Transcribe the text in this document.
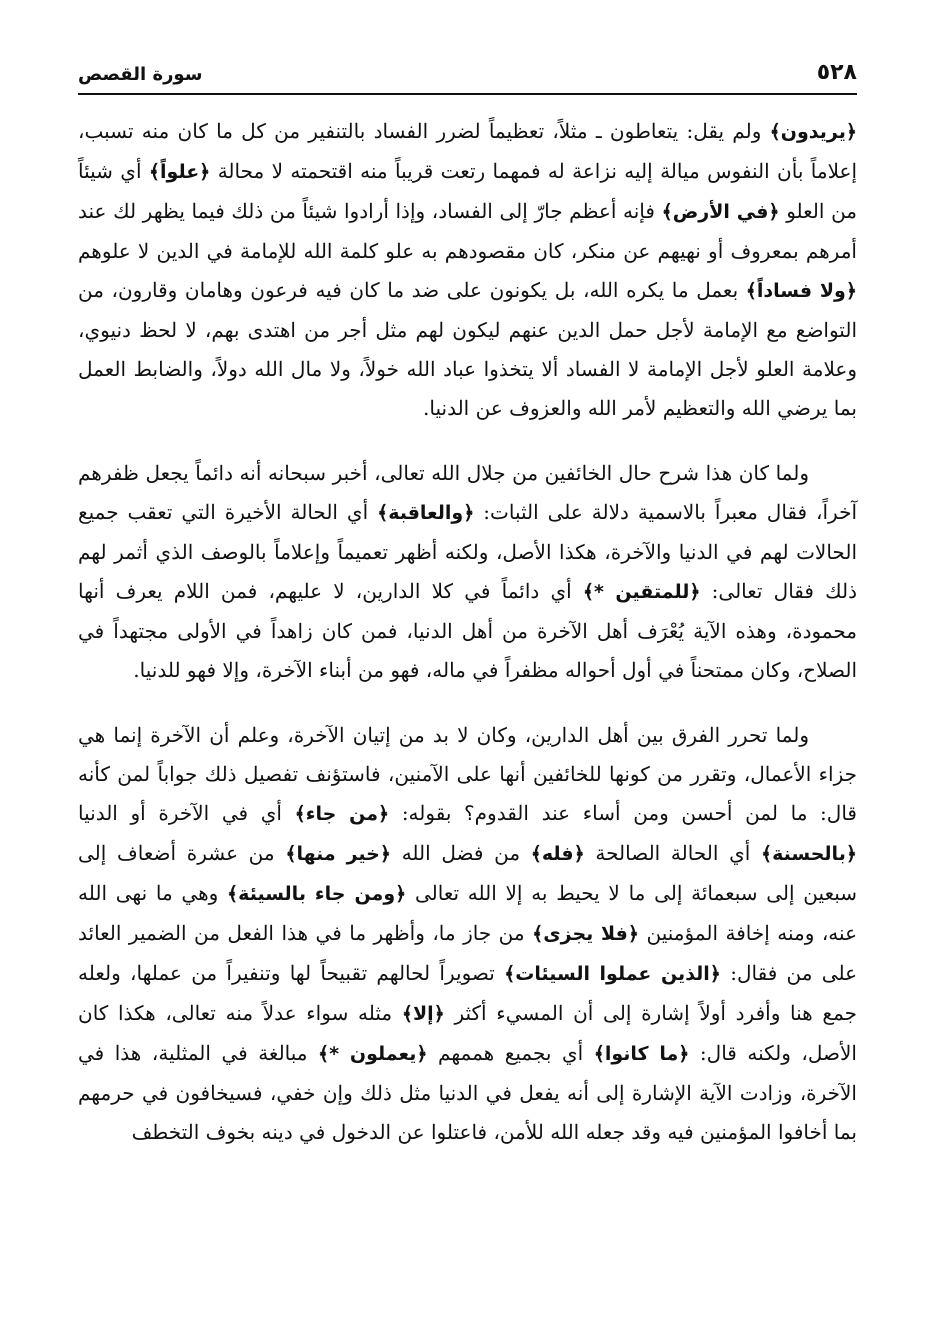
٥٢٨
سورة القصص

﴿يريدون﴾ ولم يقل: يتعاطون ـ مثلاً، تعظيماً لضرر الفساد بالتنفير من كل ما كان منه تسبب، إعلاماً بأن النفوس ميالة إليه نزاعة له فمهما رتعت قريباً منه اقتحمته لا محالة ﴿علواً﴾ أي شيئاً من العلو ﴿في الأرض﴾ فإنه أعظم جارّ إلى الفساد، وإذا أرادوا شيئاً من ذلك فيما يظهر لك عند أمرهم بمعروف أو نهيهم عن منكر، كان مقصودهم به علو كلمة الله للإمامة في الدين لا علوهم ﴿ولا فساداً﴾ بعمل ما يكره الله، بل يكونون على ضد ما كان فيه فرعون وهامان وقارون، من التواضع مع الإمامة لأجل حمل الدين عنهم ليكون لهم مثل أجر من اهتدى بهم، لا لحظ دنيوي، وعلامة العلو لأجل الإمامة لا الفساد ألا يتخذوا عباد الله خولاً، ولا مال الله دولاً، والضابط العمل بما يرضي الله والتعظيم لأمر الله والعزوف عن الدنيا.

ولما كان هذا شرح حال الخائفين من جلال الله تعالى، أخبر سبحانه أنه دائماً يجعل ظفرهم آخراً، فقال معبراً بالاسمية دلالة على الثبات: ﴿والعاقبة﴾ أي الحالة الأخيرة التي تعقب جميع الحالات لهم في الدنيا والآخرة، هكذا الأصل، ولكنه أظهر تعميماً وإعلاماً بالوصف الذي أثمر لهم ذلك فقال تعالى: ﴿للمتقين *﴾ أي دائماً في كلا الدارين، لا عليهم، فمن اللام يعرف أنها محمودة، وهذه الآية يُعْرَف أهل الآخرة من أهل الدنيا، فمن كان زاهداً في الأولى مجتهداً في الصلاح، وكان ممتحناً في أول أحواله مظفراً في ماله، فهو من أبناء الآخرة، وإلا فهو للدنيا.

ولما تحرر الفرق بين أهل الدارين، وكان لا بد من إتيان الآخرة، وعلم أن الآخرة إنما هي جزاء الأعمال، وتقرر من كونها للخائفين أنها على الآمنين، فاستؤنف تفصيل ذلك جواباً لمن كأنه قال: ما لمن أحسن ومن أساء عند القدوم؟ بقوله: ﴿من جاء﴾ أي في الآخرة أو الدنيا ﴿بالحسنة﴾ أي الحالة الصالحة ﴿فله﴾ من فضل الله ﴿خير منها﴾ من عشرة أضعاف إلى سبعين إلى سبعمائة إلى ما لا يحيط به إلا الله تعالى ﴿ومن جاء بالسيئة﴾ وهي ما نهى الله عنه، ومنه إخافة المؤمنين ﴿فلا يجزى﴾ من جاز ما، وأظهر ما في هذا الفعل من الضمير العائد على من فقال: ﴿الذين عملوا السيئات﴾ تصويراً لحالهم تقبيحاً لها وتنفيراً من عملها، ولعله جمع هنا وأفرد أولاً إشارة إلى أن المسيء أكثر ﴿إلا﴾ مثله سواء عدلاً منه تعالى، هكذا كان الأصل، ولكنه قال: ﴿ما كانوا﴾ أي بجميع هممهم ﴿يعملون *﴾ مبالغة في المثلية، هذا في الآخرة، وزادت الآية الإشارة إلى أنه يفعل في الدنيا مثل ذلك وإن خفي، فسيخافون في حرمهم بما أخافوا المؤمنين فيه وقد جعله الله للأمن، فاعتلوا عن الدخول في دينه بخوف التخطف
